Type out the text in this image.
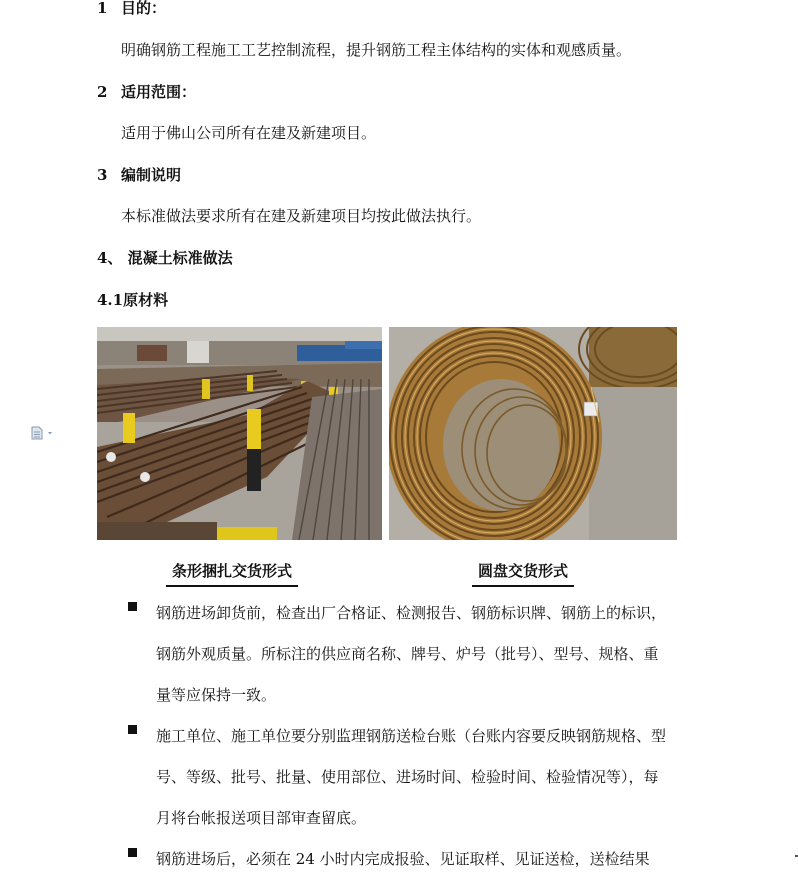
1 目的：
明确钢筋工程施工工艺控制流程，提升钢筋工程主体结构的实体和观感质量。
2 适用范围：
适用于佛山公司所有在建及新建项目。
3 编制说明
本标准做法要求所有在建及新建项目均按此做法执行。
4、 混凝土标准做法
4.1原材料
条形捆扎交货形式	圆盘交货形式
钢筋进场卸货前，检查出厂合格证、检测报告、钢筋标识牌、钢筋上的标识，钢筋外观质量。所标注的供应商名称、牌号、炉号（批号）、型号、规格、重量等应保持一致。
施工单位、施工单位要分别监理钢筋送检台账（台账内容要反映钢筋规格、型号、等级、批号、批量、使用部位、进场时间、检验时间、检验情况等），每月将台帐报送项目部审查留底。
钢筋进场后，必须在 24 小时内完成报验、见证取样、见证送检，送检结果
